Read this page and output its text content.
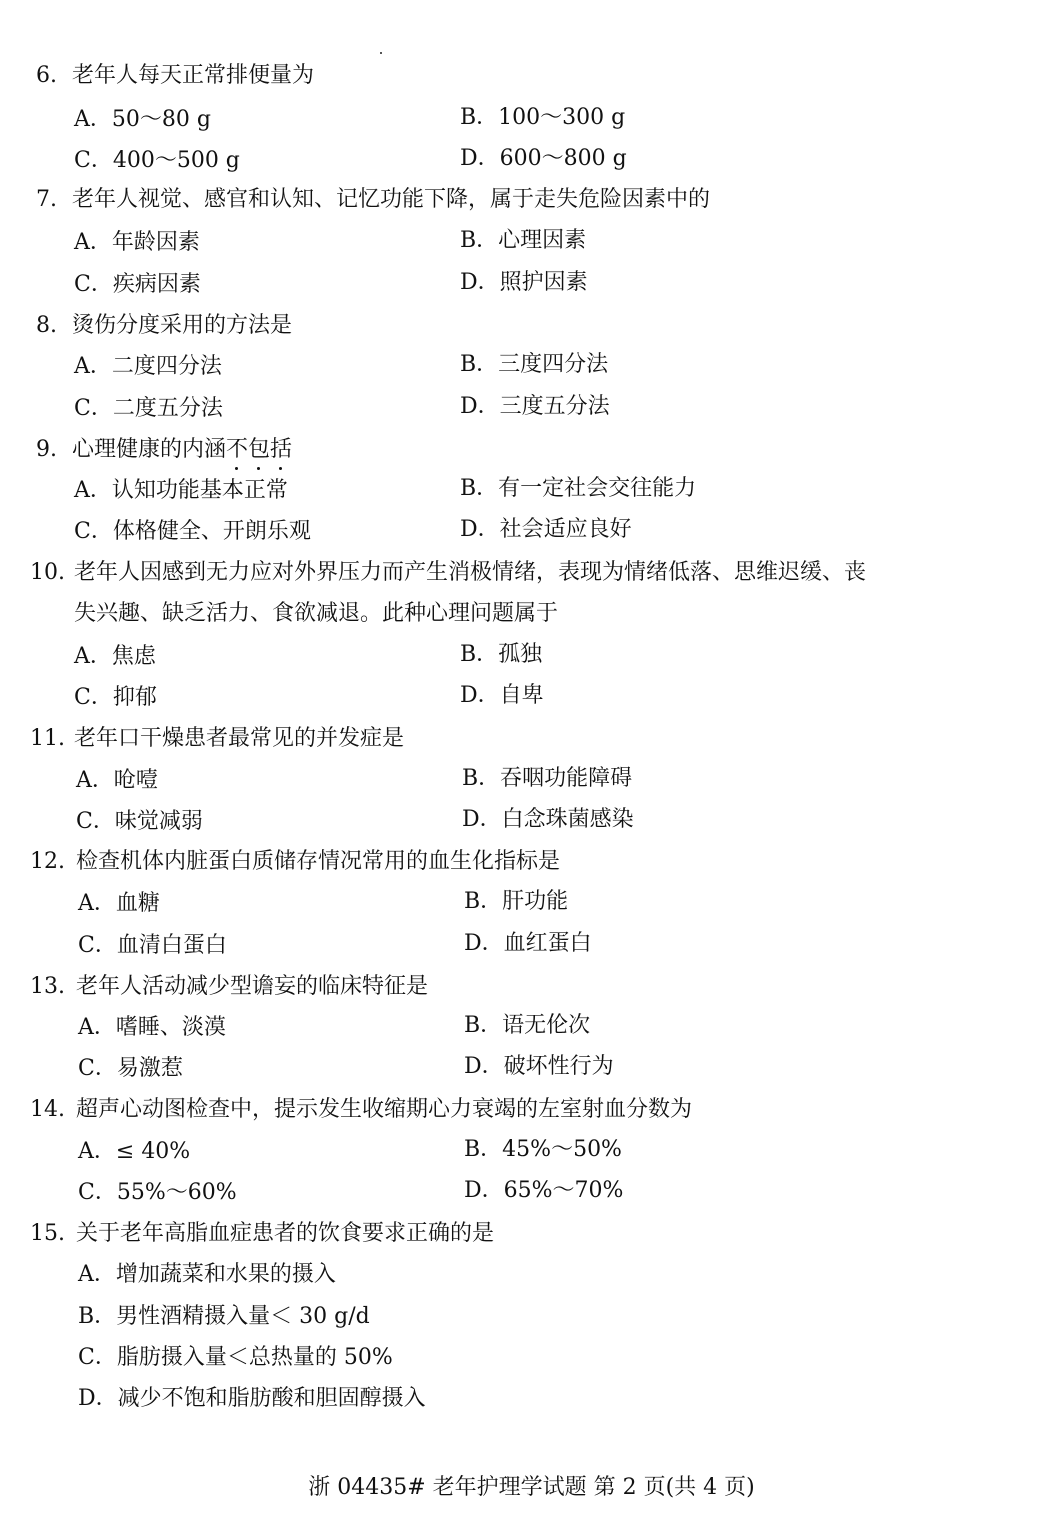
6. 老年人每天正常排便量为
A．50～80 g	B．100～300 g
C．400～500 g	D．600～800 g
7. 老年人视觉、感官和认知、记忆功能下降，属于走失危险因素中的
A．年龄因素	B．心理因素
C．疾病因素	D．照护因素
8. 烫伤分度采用的方法是
A．二度四分法	B．三度四分法
C．二度五分法	D．三度五分法
9. 心理健康的内涵不包括
A．认知功能基本正常	B．有一定社会交往能力
C．体格健全、开朗乐观	D．社会适应良好
10. 老年人因感到无力应对外界压力而产生消极情绪，表现为情绪低落、思维迟缓、丧
失兴趣、缺乏活力、食欲减退。此种心理问题属于
A．焦虑	B．孤独
C．抑郁	D．自卑
11. 老年口干燥患者最常见的并发症是
A．呛噎	B．吞咽功能障碍
C．味觉减弱	D．白念珠菌感染
12. 检查机体内脏蛋白质储存情况常用的血生化指标是
A．血糖	B．肝功能
C．血清白蛋白	D．血红蛋白
13. 老年人活动减少型谵妄的临床特征是
A．嗜睡、淡漠	B．语无伦次
C．易激惹	D．破坏性行为
14. 超声心动图检查中，提示发生收缩期心力衰竭的左室射血分数为
A．≤ 40%	B．45%～50%
C．55%～60%	D．65%～70%
15. 关于老年高脂血症患者的饮食要求正确的是
A．增加蔬菜和水果的摄入
B．男性酒精摄入量＜ 30 g/d
C．脂肪摄入量＜总热量的 50%
D．减少不饱和脂肪酸和胆固醇摄入
浙 04435# 老年护理学试题 第 2 页(共 4 页)
